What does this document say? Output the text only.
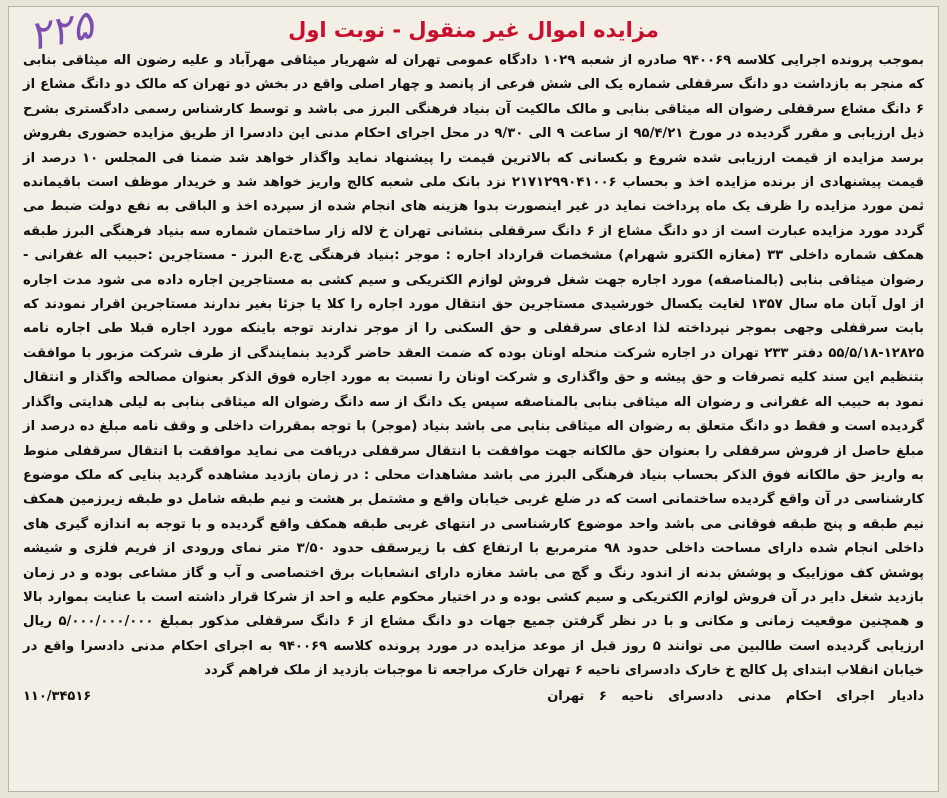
مزایده اموال غیر منقول - نوبت اول
۲۲۵

بموجب پرونده اجرایی کلاسه ۹۴۰۰۶۹ صادره از شعبه ۱۰۲۹ دادگاه عمومی تهران له شهریار میثاقی مهرآباد و علیه رضون اله میثاقی بنابی که منجر به بازداشت دو دانگ سرقفلی شماره یک الی شش فرعی از پانصد و چهار اصلی واقع در بخش دو تهران که مالک دو دانگ مشاع از ۶ دانگ مشاع سرقفلی رضوان اله میثاقی بنابی و مالک مالکیت آن بنیاد فرهنگی البرز می باشد و توسط کارشناس رسمی دادگستری بشرح ذیل ارزیابی و مقرر گردیده در مورخ ۹۵/۴/۲۱ از ساعت ۹ الی ۹/۳۰ در محل اجرای احکام مدنی این دادسرا از طریق مزایده حضوری بفروش برسد مزایده از قیمت ارزیابی شده شروع و بکسانی که بالاترین قیمت را پیشنهاد نماید واگذار خواهد شد ضمنا فی المجلس ۱۰ درصد از قیمت پیشنهادی از برنده مزایده اخذ و بحساب ۲۱۷۱۲۹۹۰۴۱۰۰۶ نزد بانک ملی شعبه کالج واریز خواهد شد و خریدار موظف است باقیمانده ثمن مورد مزایده را ظرف یک ماه پرداخت نماید در غیر اینصورت بدوا هزینه های انجام شده از سپرده اخذ و الباقی به نفع دولت ضبط می گردد مورد مزایده عبارت است از دو دانگ مشاع از ۶ دانگ سرقفلی بنشانی تهران خ لاله زار ساختمان شماره سه بنیاد فرهنگی البرز طبقه همکف شماره داخلی ۳۳ (مغازه الکترو شهرام) مشخصات قرارداد اجاره : موجر :بنیاد فرهنگی ج.ع البرز - مستاجرین :حبیب اله غفرانی - رضوان میثاقی بنابی (بالمناصفه) مورد اجاره جهت شغل فروش لوازم الکتریکی و سیم کشی به مستاجرین اجاره داده می شود مدت اجاره از اول آبان ماه سال ۱۳۵۷ لغایت یکسال خورشیدی مستاجرین حق انتقال مورد اجاره را کلا یا جزئا بغیر ندارند مستاجرین اقرار نمودند که بابت سرقفلی وجهی بموجر نپرداخته لذا ادعای سرقفلی و حق السکنی را از موجر ندارند توجه باینکه مورد اجاره قبلا طی اجاره نامه ۱۲۸۲۵-۵۵/۵/۱۸ دفتر ۲۳۳ تهران در اجاره شرکت منحله اونان بوده که ضمت العقد حاضر گردید بنمایندگی از طرف شرکت مزبور با موافقت بتنظیم این سند کلیه تصرفات و حق پیشه و حق واگذاری و شرکت اونان را نسبت به مورد اجاره فوق الذکر بعنوان مصالحه واگذار و انتقال نمود به حبیب اله غفرانی و رضوان اله میثاقی بنابی بالمناصفه سپس یک دانگ از سه دانگ رضوان اله میثاقی بنابی به لیلی هدایتی واگذار گردیده است و فقط دو دانگ متعلق به رضوان اله میثاقی بنابی می باشد بنیاد (موجر) با توجه بمقررات داخلی و وقف نامه مبلغ ده درصد از مبلغ حاصل از فروش سرقفلی را بعنوان حق مالکانه جهت موافقت با انتقال سرقفلی دریافت می نماید موافقت با انتقال سرقفلی منوط به واریز حق مالکانه فوق الذکر بحساب بنیاد فرهنگی البرز می باشد مشاهدات محلی : در زمان بازدید مشاهده گردید بنایی که ملک موضوع کارشناسی در آن واقع گردیده ساختمانی است که در ضلع غربی خیابان واقع و مشتمل بر هشت و نیم طبقه شامل دو طبقه زیرزمین همکف نیم طبقه و پنج طبقه فوقانی می باشد واحد موضوع کارشناسی در انتهای غربی طبقه همکف واقع گردیده و با توجه به اندازه گیری های داخلی انجام شده دارای مساحت داخلی حدود ۹۸ مترمربع با ارتفاع کف با زیرسقف حدود ۳/۵۰ متر نمای ورودی از فریم فلزی و شیشه پوشش کف موزاییک و پوشش بدنه از اندود رنگ و گچ می باشد مغازه دارای انشعابات برق اختصاصی و آب و گاز مشاعی بوده و در زمان بازدید شغل دایر در آن فروش لوازم الکتریکی و سیم کشی بوده و در اختیار محکوم علیه و احد از شرکا قرار داشته است با عنایت بموارد بالا و همچنین موقعیت زمانی و مکانی و با در نظر گرفتن جمیع جهات دو دانگ مشاع از ۶ دانگ سرقفلی مذکور بمبلغ ۵/۰۰۰/۰۰۰/۰۰۰ ریال ارزیابی گردیده است طالبین می توانند ۵ روز قبل از موعد مزایده در مورد پرونده کلاسه ۹۴۰۰۶۹ به اجرای احکام مدنی دادسرا واقع در خیابان انقلاب ابتدای پل کالج خ خارک دادسرای ناحیه ۶ تهران خارک مراجعه تا موجبات بازدید از ملک فراهم گردد

دادیار اجرای احکام مدنی دادسرای ناحیه ۶ تهران
۱۱۰/۳۴۵۱۶
